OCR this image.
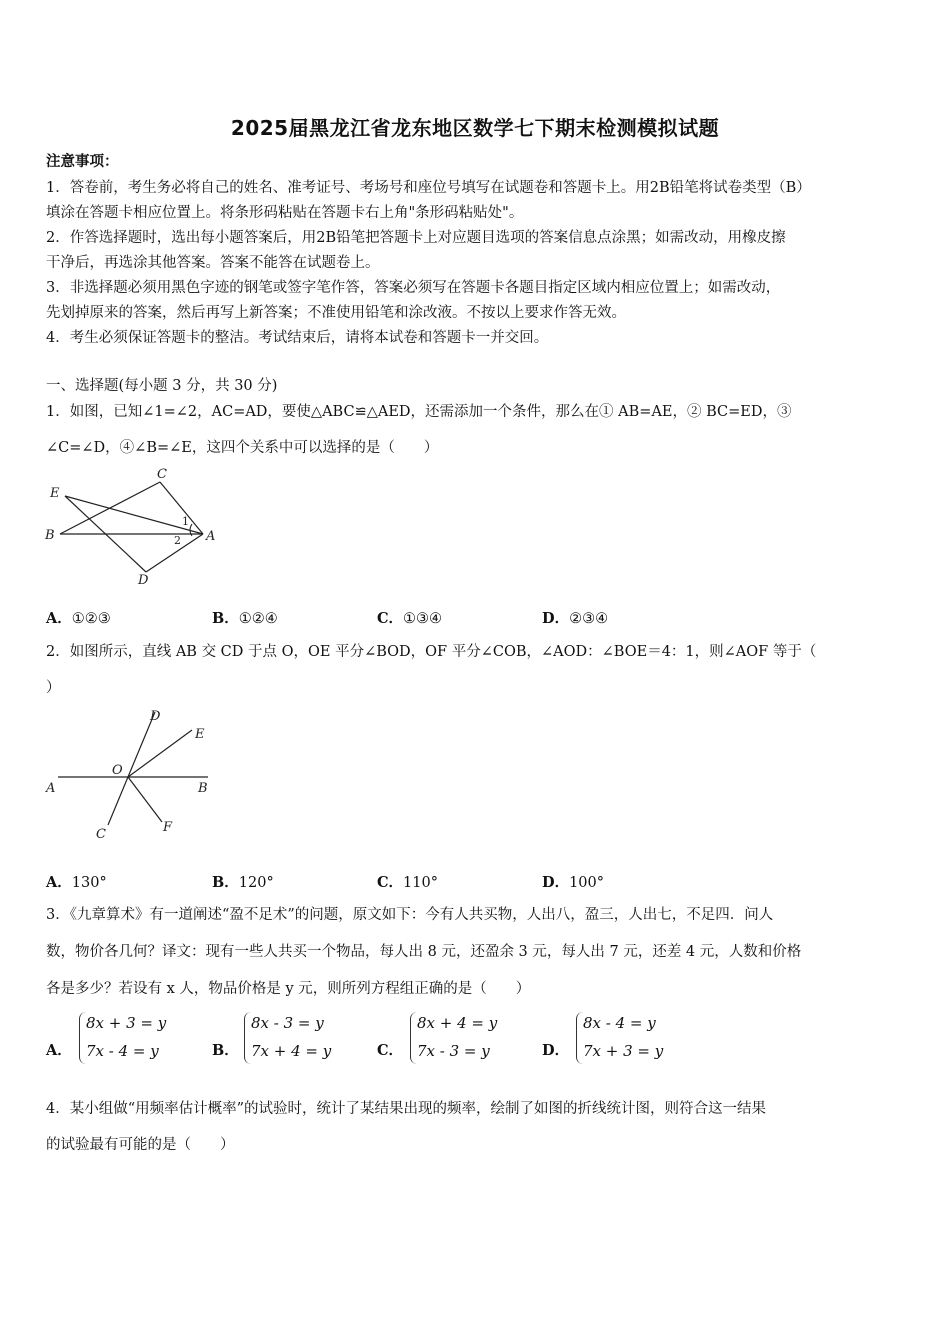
2025届黑龙江省龙东地区数学七下期末检测模拟试题
注意事项：
1．答卷前，考生务必将自己的姓名、准考证号、考场号和座位号填写在试题卷和答题卡上。用2B铅笔将试卷类型（B）
填涂在答题卡相应位置上。将条形码粘贴在答题卡右上角"条形码粘贴处"。
2．作答选择题时，选出每小题答案后，用2B铅笔把答题卡上对应题目选项的答案信息点涂黑；如需改动，用橡皮擦
干净后，再选涂其他答案。答案不能答在试题卷上。
3．非选择题必须用黑色字迹的钢笔或签字笔作答，答案必须写在答题卡各题目指定区域内相应位置上；如需改动，
先划掉原来的答案，然后再写上新答案；不准使用铅笔和涂改液。不按以上要求作答无效。
4．考生必须保证答题卡的整洁。考试结束后，请将本试卷和答题卡一并交回。
一、选择题(每小题 3 分，共 30 分)
1．如图，已知∠1=∠2，AC=AD，要使△ABC≌△AED，还需添加一个条件，那么在① AB=AE，② BC=ED，③
∠C=∠D，④∠B=∠E，这四个关系中可以选择的是（　　）
C
E
B	A
D
1
2
A．①②③	B．①②④	C．①③④	D．②③④
2．如图所示，直线 AB 交 CD 于点 O，OE 平分∠BOD，OF 平分∠COB，∠AOD：∠BOE＝4：1，则∠AOF 等于（
）
D
E
O
A	B
C	F
A．130°	B．120°	C．110°	D．100°
3．《九章算术》有一道阐述“盈不足术”的问题，原文如下：今有人共买物，人出八，盈三，人出七，不足四．问人
数，物价各几何？译文：现有一些人共买一个物品，每人出 8 元，还盈余 3 元，每人出 7 元，还差 4 元，人数和价格
各是多少？若设有 x 人，物品价格是 y 元，则所列方程组正确的是（　　）
A．
8x + 3 = y
7x - 4 = y	B．
8x - 3 = y
7x + 4 = y	C．
8x + 4 = y
7x - 3 = y	D．
8x - 4 = y
7x + 3 = y
4．某小组做“用频率估计概率”的试验时，统计了某结果出现的频率，绘制了如图的折线统计图，则符合这一结果
的试验最有可能的是（　　）
